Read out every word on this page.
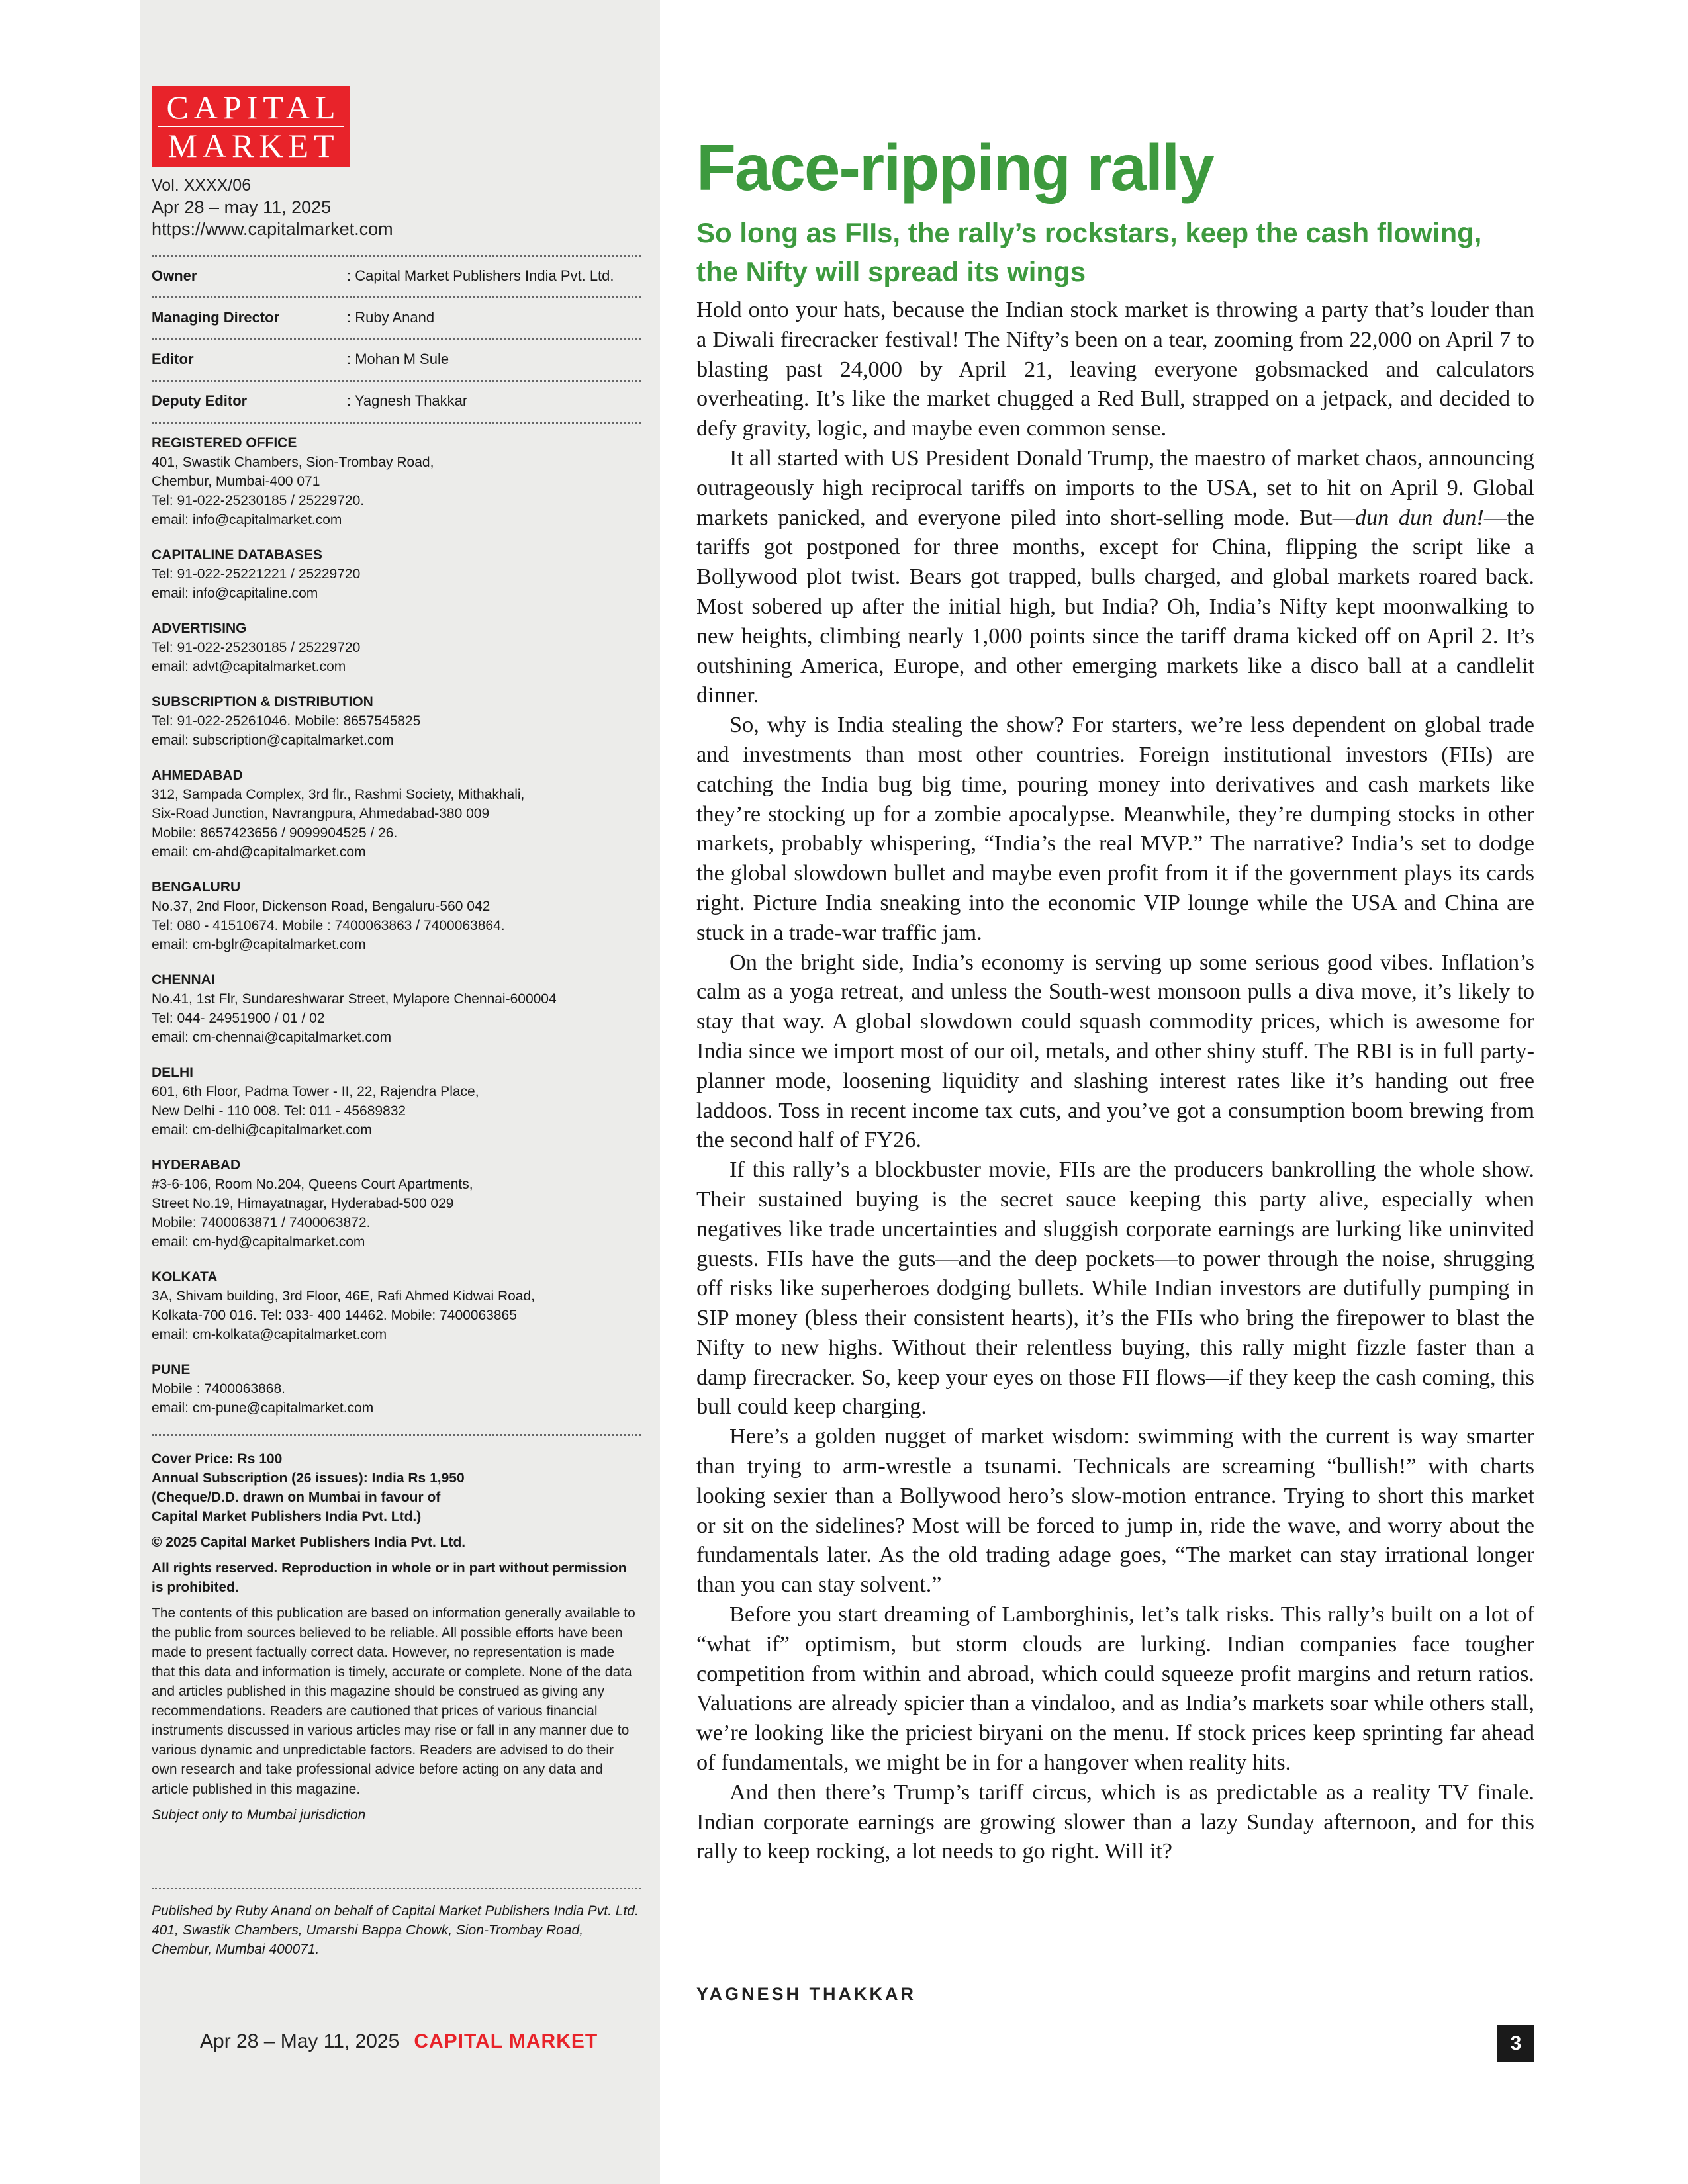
CAPITAL
MARKET
Vol. XXXX/06
Apr 28 – may 11, 2025
https://www.capitalmarket.com
Owner	: Capital Market Publishers India Pvt. Ltd.
Managing Director	: Ruby Anand
Editor	: Mohan M Sule
Deputy Editor	: Yagnesh Thakkar
REGISTERED OFFICE
401, Swastik Chambers, Sion-Trombay Road,
Chembur, Mumbai-400 071
Tel: 91-022-25230185 / 25229720.
email: info@capitalmarket.com
CAPITALINE DATABASES
Tel: 91-022-25221221 / 25229720
email: info@capitaline.com
ADVERTISING
Tel: 91-022-25230185 / 25229720
email: advt@capitalmarket.com
SUBSCRIPTION & DISTRIBUTION
Tel: 91-022-25261046. Mobile: 8657545825
email: subscription@capitalmarket.com
AHMEDABAD
312, Sampada Complex, 3rd flr., Rashmi Society, Mithakhali,
Six-Road Junction, Navrangpura, Ahmedabad-380 009
Mobile: 8657423656 / 9099904525 / 26.
email: cm-ahd@capitalmarket.com
BENGALURU
No.37, 2nd Floor, Dickenson Road, Bengaluru-560 042
Tel: 080 - 41510674. Mobile : 7400063863 / 7400063864.
email: cm-bglr@capitalmarket.com
CHENNAI
No.41, 1st Flr, Sundareshwarar Street, Mylapore Chennai-600004
Tel: 044- 24951900 / 01 / 02
email: cm-chennai@capitalmarket.com
DELHI
601, 6th Floor, Padma Tower - II, 22, Rajendra Place,
New Delhi - 110 008. Tel: 011 - 45689832
email: cm-delhi@capitalmarket.com
HYDERABAD
#3-6-106, Room No.204, Queens Court Apartments,
Street No.19, Himayatnagar, Hyderabad-500 029
Mobile: 7400063871 / 7400063872.
email: cm-hyd@capitalmarket.com
KOLKATA
3A, Shivam building, 3rd Floor, 46E, Rafi Ahmed Kidwai Road,
Kolkata-700 016. Tel: 033- 400 14462. Mobile: 7400063865
email: cm-kolkata@capitalmarket.com
PUNE
Mobile : 7400063868.
email: cm-pune@capitalmarket.com
Cover Price: Rs 100
Annual Subscription (26 issues): India Rs 1,950
(Cheque/D.D. drawn on Mumbai in favour of
Capital Market Publishers India Pvt. Ltd.)
© 2025 Capital Market Publishers India Pvt. Ltd.
All rights reserved. Reproduction in whole or in part without permission is prohibited.
The contents of this publication are based on information generally available to the public from sources believed to be reliable. All possible efforts have been made to present factually correct data. However, no representation is made that this data and information is timely, accurate or complete. None of the data and articles published in this magazine should be construed as giving any recommendations. Readers are cautioned that prices of various financial instruments discussed in various articles may rise or fall in any manner due to various dynamic and unpredictable factors. Readers are advised to do their own research and take professional advice before acting on any data and article published in this magazine.
Subject only to Mumbai jurisdiction
Published by Ruby Anand on behalf of Capital Market Publishers India Pvt. Ltd. 401, Swastik Chambers, Umarshi Bappa Chowk, Sion-Trombay Road, Chembur, Mumbai 400071.
Apr 28 – May 11, 2025 CAPITAL MARKET
Face-ripping rally
So long as FIIs, the rally’s rockstars, keep the cash flowing,
the Nifty will spread its wings

Hold onto your hats, because the Indian stock market is throwing a party that’s louder than a Diwali firecracker festival! The Nifty’s been on a tear, zooming from 22,000 on April 7 to blasting past 24,000 by April 21, leaving everyone gobsmacked and calculators overheating. It’s like the market chugged a Red Bull, strapped on a jetpack, and decided to defy gravity, logic, and maybe even common sense.

It all started with US President Donald Trump, the maestro of market chaos, announcing outrageously high reciprocal tariffs on imports to the USA, set to hit on April 9. Global markets panicked, and everyone piled into short-selling mode. But—dun dun dun!—the tariffs got postponed for three months, except for China, flipping the script like a Bollywood plot twist. Bears got trapped, bulls charged, and global markets roared back. Most sobered up after the initial high, but India? Oh, India’s Nifty kept moonwalking to new heights, climbing nearly 1,000 points since the tariff drama kicked off on April 2. It’s outshining America, Europe, and other emerging markets like a disco ball at a candlelit dinner.

So, why is India stealing the show? For starters, we’re less dependent on global trade and investments than most other countries. Foreign institutional investors (FIIs) are catching the India bug big time, pouring money into derivatives and cash markets like they’re stocking up for a zombie apocalypse. Meanwhile, they’re dumping stocks in other markets, probably whispering, “India’s the real MVP.” The narrative? India’s set to dodge the global slowdown bullet and maybe even profit from it if the government plays its cards right. Picture India sneaking into the economic VIP lounge while the USA and China are stuck in a trade-war traffic jam.

On the bright side, India’s economy is serving up some serious good vibes. Inflation’s calm as a yoga retreat, and unless the South-west monsoon pulls a diva move, it’s likely to stay that way. A global slowdown could squash commodity prices, which is awesome for India since we import most of our oil, metals, and other shiny stuff. The RBI is in full party-planner mode, loosening liquidity and slashing interest rates like it’s handing out free laddoos. Toss in recent income tax cuts, and you’ve got a consumption boom brewing from the second half of FY26.

If this rally’s a blockbuster movie, FIIs are the producers bankrolling the whole show. Their sustained buying is the secret sauce keeping this party alive, especially when negatives like trade uncertainties and sluggish corporate earnings are lurking like uninvited guests. FIIs have the guts—and the deep pockets—to power through the noise, shrugging off risks like superheroes dodging bullets. While Indian investors are dutifully pumping in SIP money (bless their consistent hearts), it’s the FIIs who bring the firepower to blast the Nifty to new highs. Without their relentless buying, this rally might fizzle faster than a damp firecracker. So, keep your eyes on those FII flows—if they keep the cash coming, this bull could keep charging.

Here’s a golden nugget of market wisdom: swimming with the current is way smarter than trying to arm-wrestle a tsunami. Technicals are screaming “bullish!” with charts looking sexier than a Bollywood hero’s slow-motion entrance. Trying to short this market or sit on the sidelines? Most will be forced to jump in, ride the wave, and worry about the fundamentals later. As the old trading adage goes, “The market can stay irrational longer than you can stay solvent.”

Before you start dreaming of Lamborghinis, let’s talk risks. This rally’s built on a lot of “what if” optimism, but storm clouds are lurking. Indian companies face tougher competition from within and abroad, which could squeeze profit margins and return ratios. Valuations are already spicier than a vindaloo, and as India’s markets soar while others stall, we’re looking like the priciest biryani on the menu. If stock prices keep sprinting far ahead of fundamentals, we might be in for a hangover when reality hits.

And then there’s Trump’s tariff circus, which is as predictable as a reality TV finale. Indian corporate earnings are growing slower than a lazy Sunday afternoon, and for this rally to keep rocking, a lot needs to go right. Will it?

YAGNESH THAKKAR
3
